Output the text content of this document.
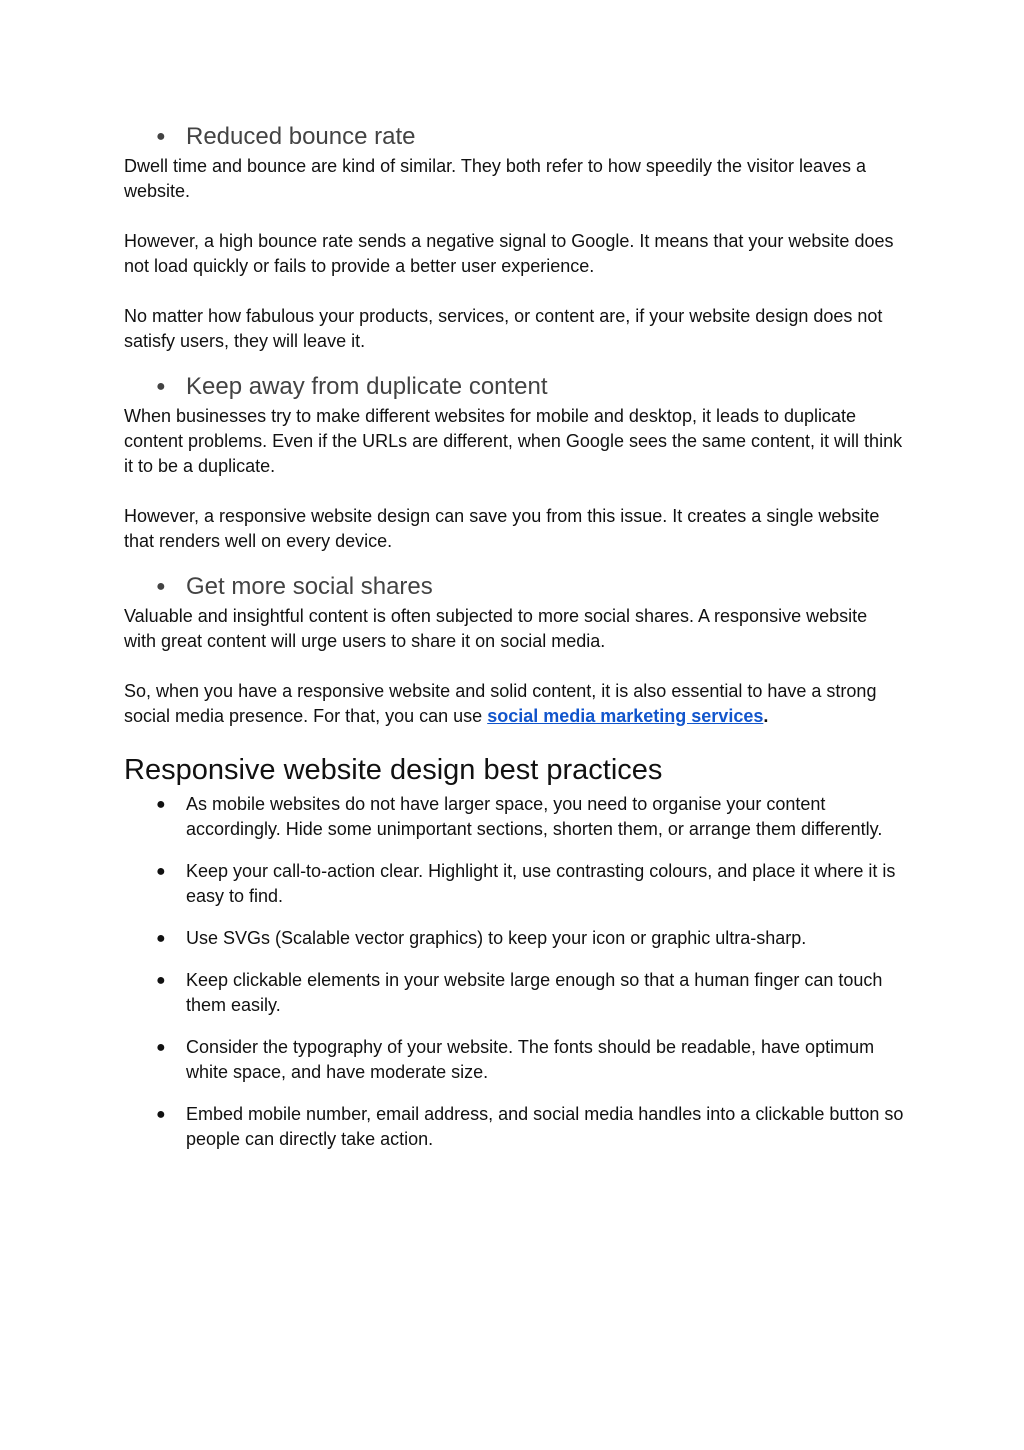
● Reduced bounce rate

Dwell time and bounce are kind of similar. They both refer to how speedily the visitor leaves a website.

However, a high bounce rate sends a negative signal to Google. It means that your website does not load quickly or fails to provide a better user experience.

No matter how fabulous your products, services, or content are, if your website design does not satisfy users, they will leave it.

● Keep away from duplicate content

When businesses try to make different websites for mobile and desktop, it leads to duplicate content problems. Even if the URLs are different, when Google sees the same content, it will think it to be a duplicate.

However, a responsive website design can save you from this issue. It creates a single website that renders well on every device.

● Get more social shares

Valuable and insightful content is often subjected to more social shares. A responsive website with great content will urge users to share it on social media.

So, when you have a responsive website and solid content, it is also essential to have a strong social media presence. For that, you can use social media marketing services.

Responsive website design best practices
● As mobile websites do not have larger space, you need to organise your content accordingly. Hide some unimportant sections, shorten them, or arrange them differently.
● Keep your call-to-action clear. Highlight it, use contrasting colours, and place it where it is easy to find.
● Use SVGs (Scalable vector graphics) to keep your icon or graphic ultra-sharp.
● Keep clickable elements in your website large enough so that a human finger can touch them easily.
● Consider the typography of your website. The fonts should be readable, have optimum white space, and have moderate size.
● Embed mobile number, email address, and social media handles into a clickable button so people can directly take action.
